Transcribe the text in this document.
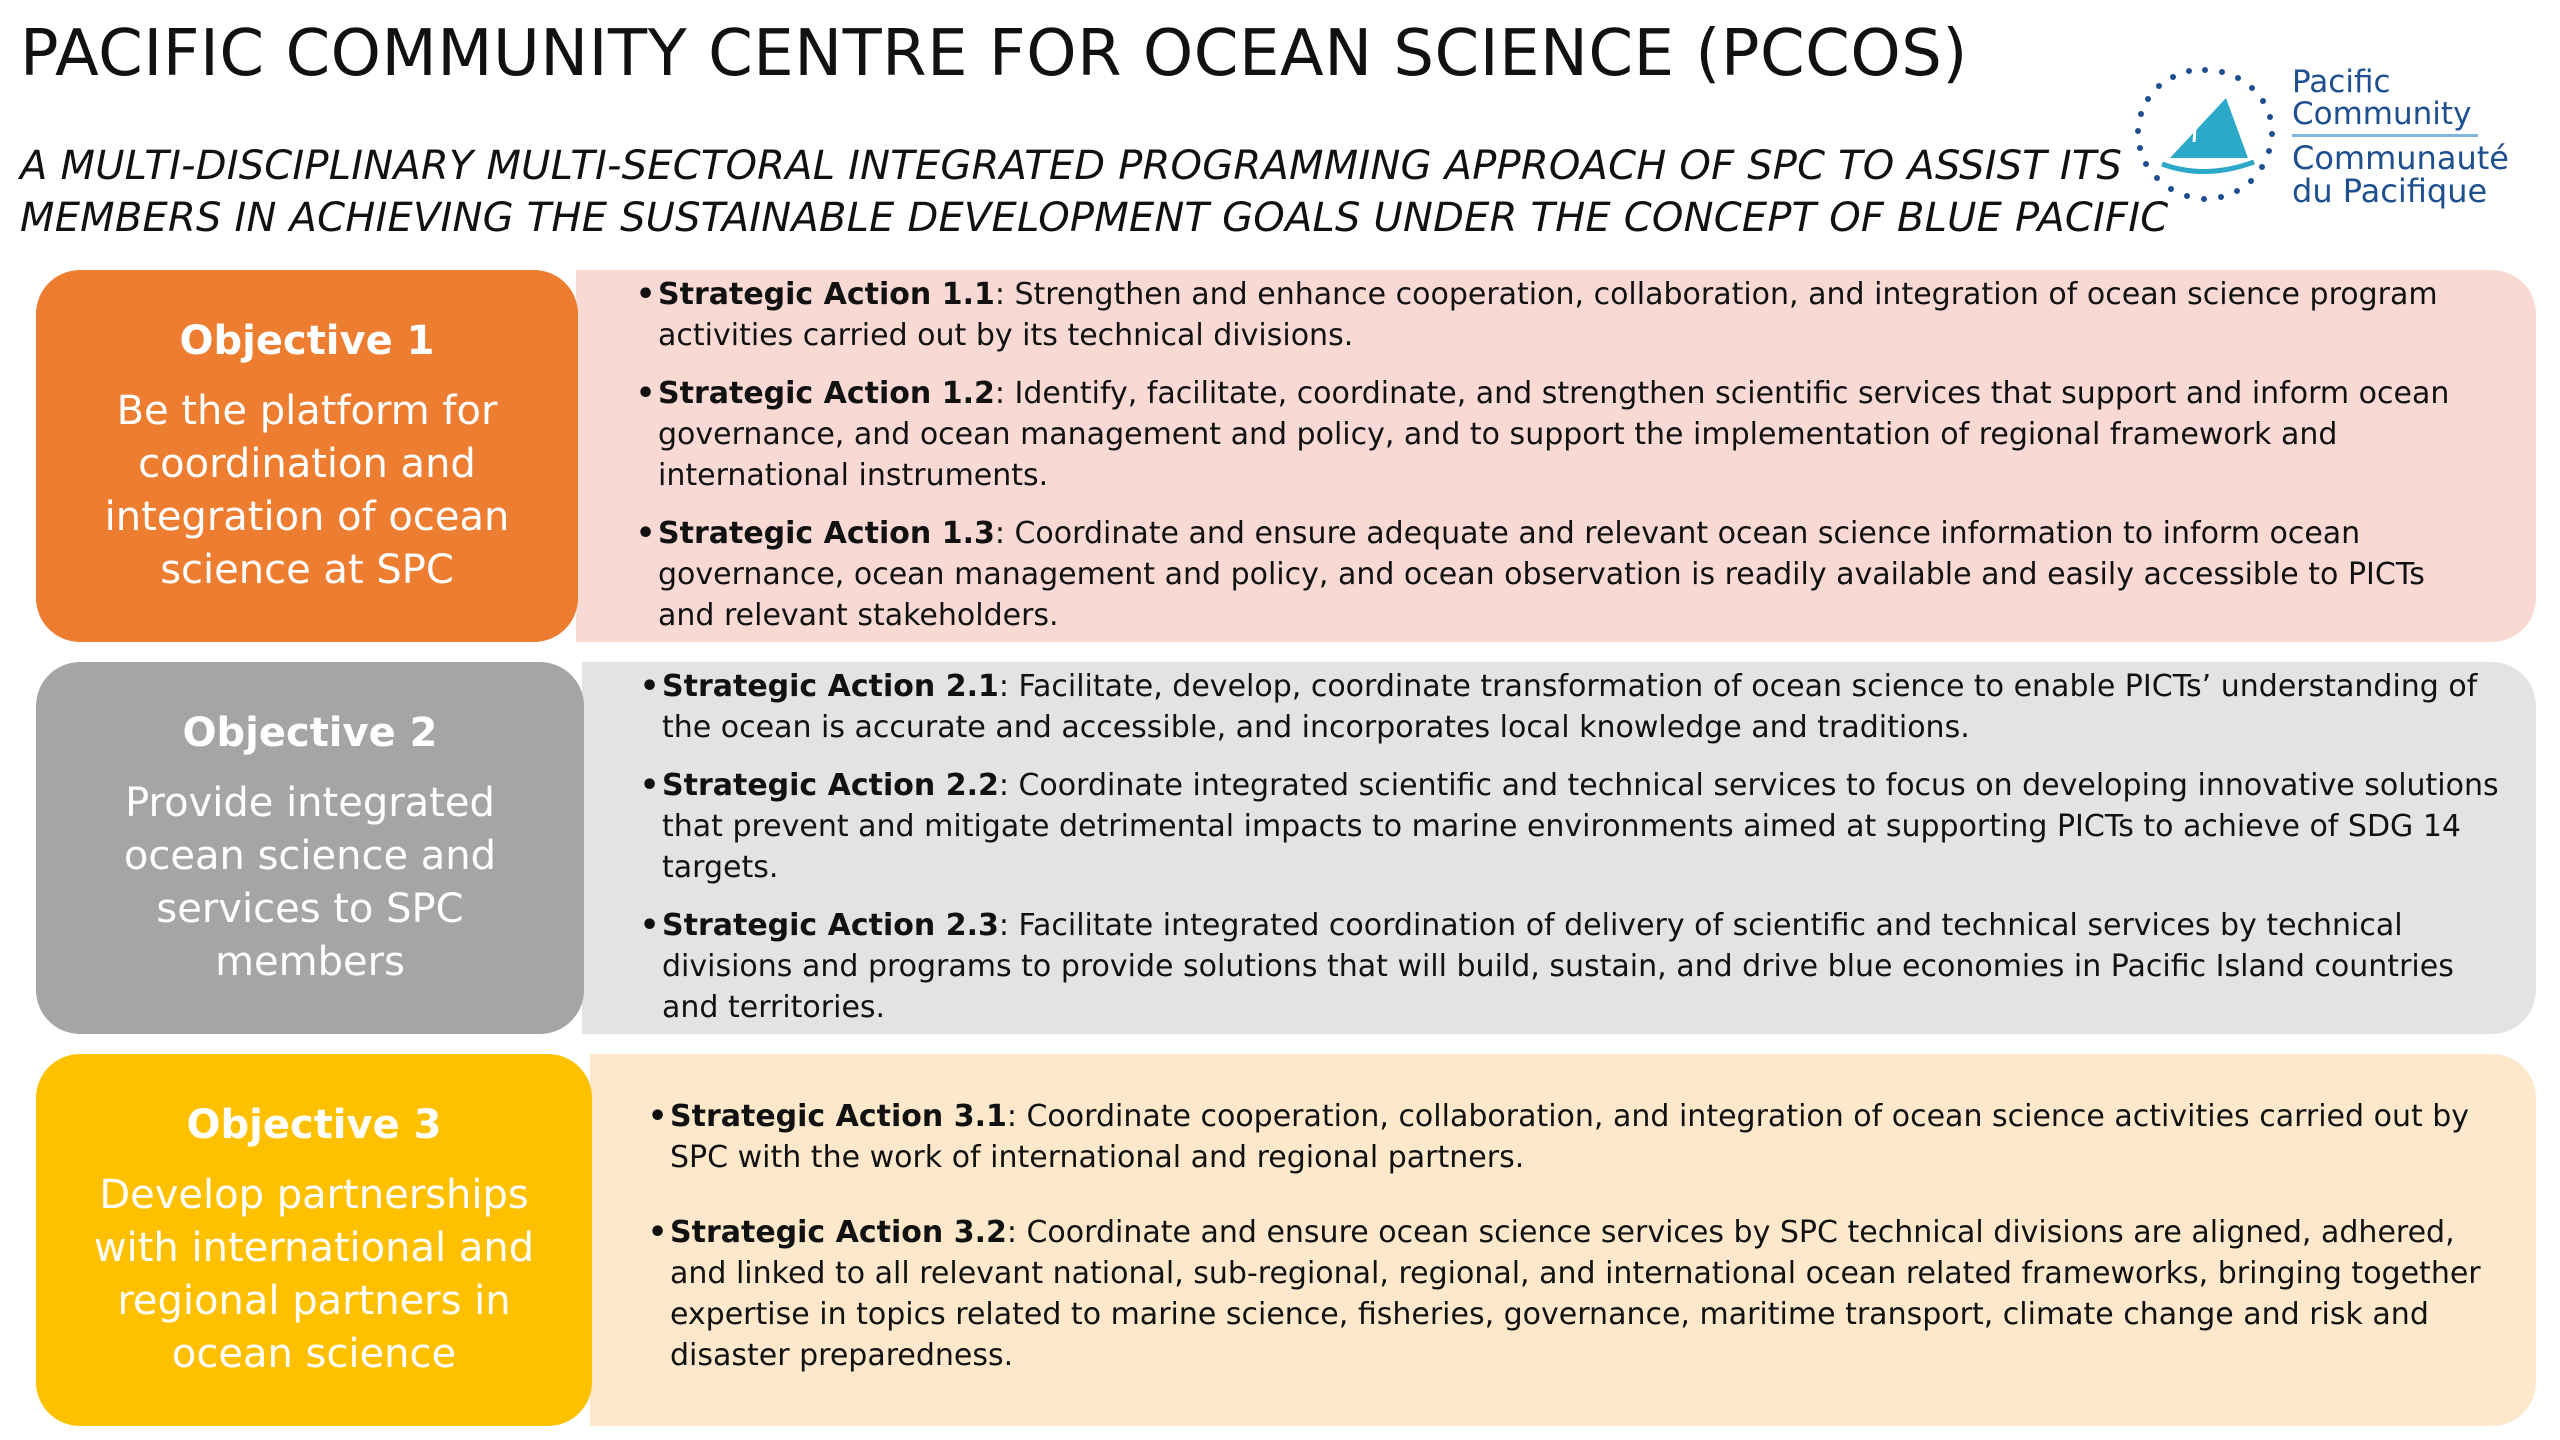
PACIFIC COMMUNITY CENTRE FOR OCEAN SCIENCE (PCCOS)
A MULTI-DISCIPLINARY MULTI-SECTORAL INTEGRATED PROGRAMMING APPROACH OF SPC TO ASSIST ITS
MEMBERS IN ACHIEVING THE SUSTAINABLE DEVELOPMENT GOALS UNDER THE CONCEPT OF BLUE PACIFIC
Pacific
Community
Communauté
du Pacifique
Objective 1
Be the platform for
coordination and
integration of ocean
science at SPC
• Strategic Action 1.1: Strengthen and enhance cooperation, collaboration, and integration of ocean science program activities carried out by its technical divisions.
• Strategic Action 1.2: Identify, facilitate, coordinate, and strengthen scientific services that support and inform ocean governance, and ocean management and policy, and to support the implementation of regional framework and international instruments.
• Strategic Action 1.3: Coordinate and ensure adequate and relevant ocean science information to inform ocean governance, ocean management and policy, and ocean observation is readily available and easily accessible to PICTs and relevant stakeholders.
Objective 2
Provide integrated
ocean science and
services to SPC
members
• Strategic Action 2.1: Facilitate, develop, coordinate transformation of ocean science to enable PICTs’ understanding of the ocean is accurate and accessible, and incorporates local knowledge and traditions.
• Strategic Action 2.2: Coordinate integrated scientific and technical services to focus on developing innovative solutions that prevent and mitigate detrimental impacts to marine environments aimed at supporting PICTs to achieve of SDG 14 targets.
• Strategic Action 2.3: Facilitate integrated coordination of delivery of scientific and technical services by technical divisions and programs to provide solutions that will build, sustain, and drive blue economies in Pacific Island countries and territories.
Objective 3
Develop partnerships
with international and
regional partners in
ocean science
• Strategic Action 3.1: Coordinate cooperation, collaboration, and integration of ocean science activities carried out by SPC with the work of international and regional partners.
• Strategic Action 3.2: Coordinate and ensure ocean science services by SPC technical divisions are aligned, adhered, and linked to all relevant national, sub-regional, regional, and international ocean related frameworks, bringing together expertise in topics related to marine science, fisheries, governance, maritime transport, climate change and risk and disaster preparedness.
